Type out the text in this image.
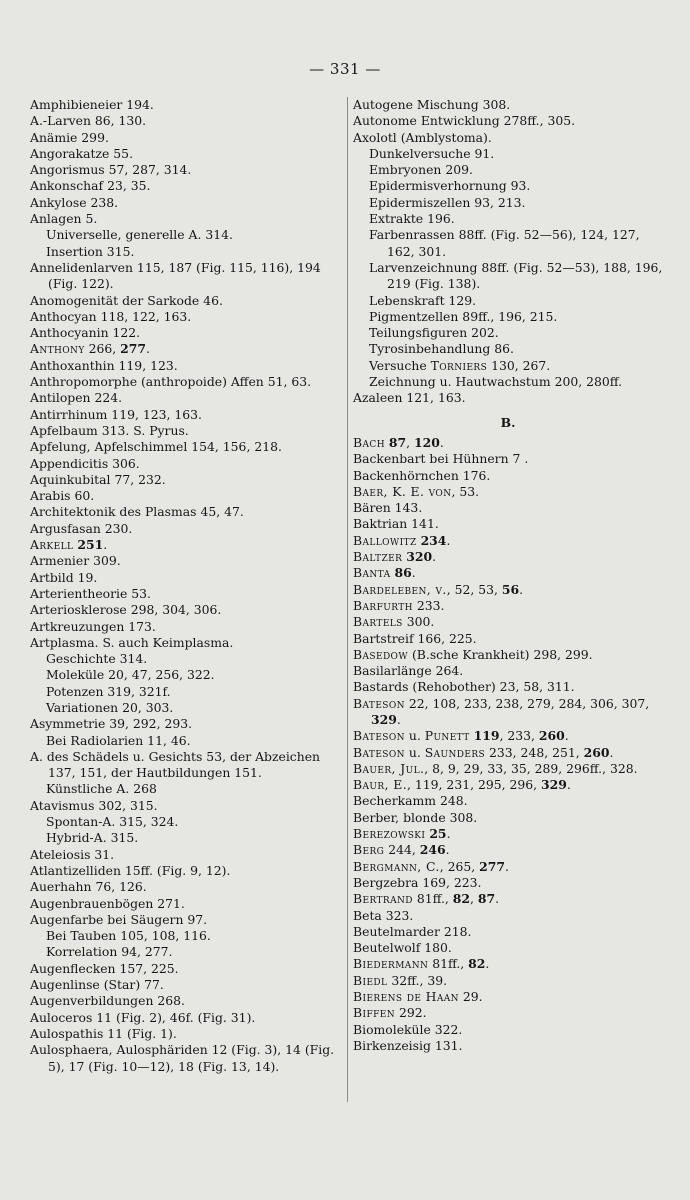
— 331 —
Amphibieneier 194.
A.-Larven 86, 130.
Anämie 299.
Angorakatze 55.
Angorismus 57, 287, 314.
Ankonschaf 23, 35.
Ankylose 238.
Anlagen 5.
Universelle, generelle A. 314.
Insertion 315.
Annelidenlarven 115, 187 (Fig. 115, 116), 194 (Fig. 122).
Anomogenität der Sarkode 46.
Anthocyan 118, 122, 163.
Anthocyanin 122.
Anthony 266, 277.
Anthoxanthin 119, 123.
Anthropomorphe (anthropoide) Affen 51, 63.
Antilopen 224.
Antirrhinum 119, 123, 163.
Apfelbaum 313. S. Pyrus.
Apfelung, Apfelschimmel 154, 156, 218.
Appendicitis 306.
Aquinkubital 77, 232.
Arabis 60.
Architektonik des Plasmas 45, 47.
Argusfasan 230.
Arkell 251.
Armenier 309.
Artbild 19.
Arterientheorie 53.
Arteriosklerose 298, 304, 306.
Artkreuzungen 173.
Artplasma. S. auch Keimplasma.
Geschichte 314.
Moleküle 20, 47, 256, 322.
Potenzen 319, 321f.
Variationen 20, 303.
Asymmetrie 39, 292, 293.
Bei Radiolarien 11, 46.
A. des Schädels u. Gesichts 53, der Abzeichen 137, 151, der Hautbildungen 151.
Künstliche A. 268
Atavismus 302, 315.
Spontan-A. 315, 324.
Hybrid-A. 315.
Ateleiosis 31.
Atlantizelliden 15ff. (Fig. 9, 12).
Auerhahn 76, 126.
Augenbrauenbögen 271.
Augenfarbe bei Säugern 97.
Bei Tauben 105, 108, 116.
Korrelation 94, 277.
Augenflecken 157, 225.
Augenlinse (Star) 77.
Augenverbildungen 268.
Auloceros 11 (Fig. 2), 46f. (Fig. 31).
Aulospathis 11 (Fig. 1).
Aulosphaera, Aulosphäriden 12 (Fig. 3), 14 (Fig. 5), 17 (Fig. 10—12), 18 (Fig. 13, 14).
Autogene Mischung 308.
Autonome Entwicklung 278ff., 305.
Axolotl (Amblystoma).
Dunkelversuche 91.
Embryonen 209.
Epidermisverhornung 93.
Epidermiszellen 93, 213.
Extrakte 196.
Farbenrassen 88ff. (Fig. 52—56), 124, 127, 162, 301.
Larvenzeichnung 88ff. (Fig. 52—53), 188, 196, 219 (Fig. 138).
Lebenskraft 129.
Pigmentzellen 89ff., 196, 215.
Teilungsfiguren 202.
Tyrosinbehandlung 86.
Versuche Torniers 130, 267.
Zeichnung u. Hautwachstum 200, 280ff.
Azaleen 121, 163.
B.
Bach 87, 120.
Backenbart bei Hühnern 7 .
Backenhörnchen 176.
Baer, K. E. von, 53.
Bären 143.
Baktrian 141.
Ballowitz 234.
Baltzer 320.
Banta 86.
Bardeleben, v., 52, 53, 56.
Barfurth 233.
Bartels 300.
Bartstreif 166, 225.
Basedow (B.sche Krankheit) 298, 299.
Basilarlänge 264.
Bastards (Rehobother) 23, 58, 311.
Bateson 22, 108, 233, 238, 279, 284, 306, 307, 329.
Bateson u. Punett 119, 233, 260.
Bateson u. Saunders 233, 248, 251, 260.
Bauer, Jul., 8, 9, 29, 33, 35, 289, 296ff., 328.
Baur, E., 119, 231, 295, 296, 329.
Becherkamm 248.
Berber, blonde 308.
Berezowski 25.
Berg 244, 246.
Bergmann, C., 265, 277.
Bergzebra 169, 223.
Bertrand 81ff., 82, 87.
Beta 323.
Beutelmarder 218.
Beutelwolf 180.
Biedermann 81ff., 82.
Biedl 32ff., 39.
Bierens de Haan 29.
Biffen 292.
Biomoleküle 322.
Birkenzeisig 131.
